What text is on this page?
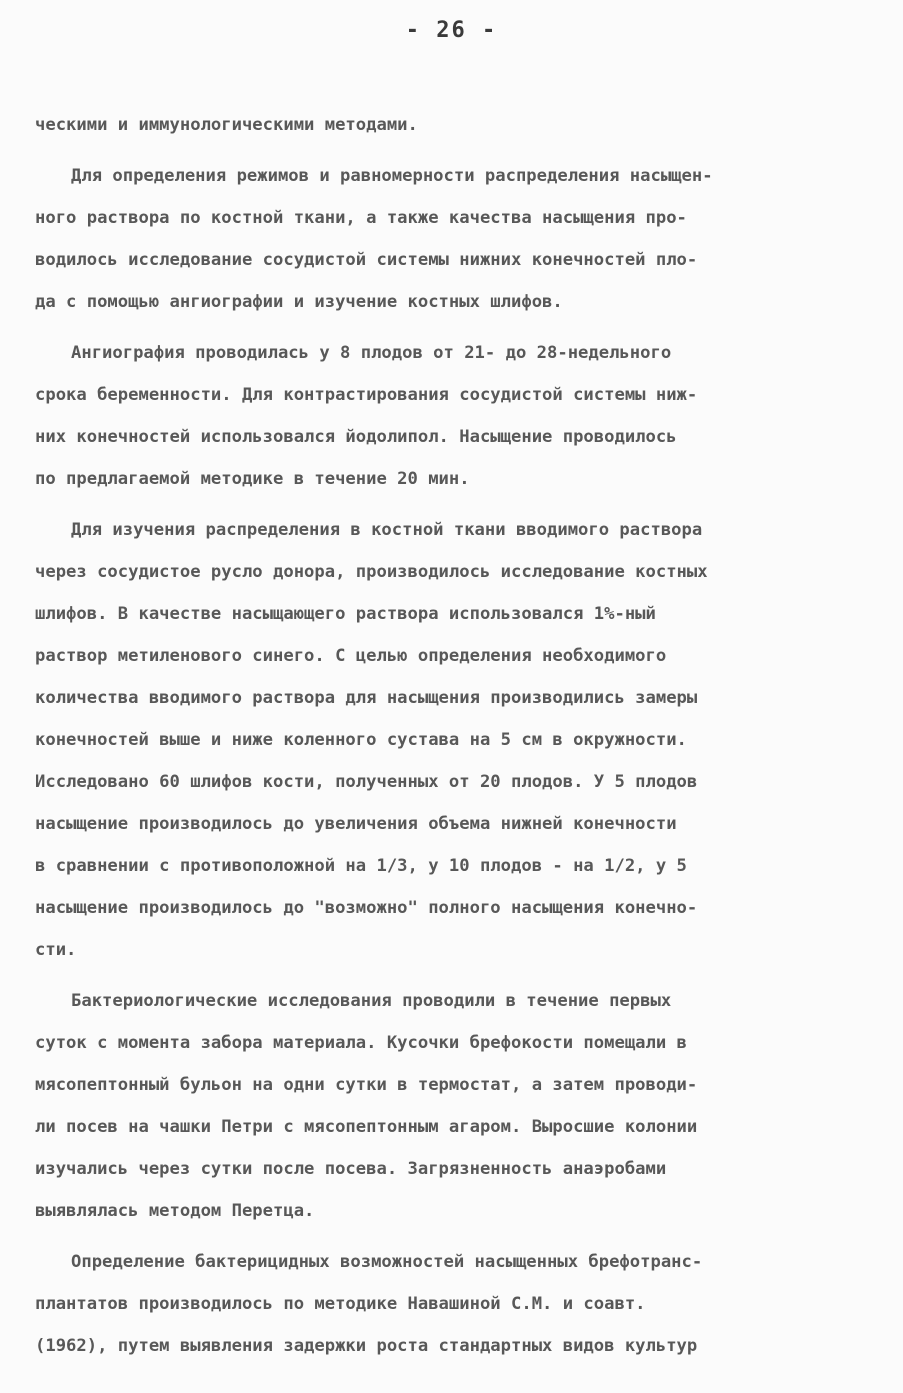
- 26 -
ческими и иммунологическими методами.
Для определения режимов и равномерности распределения насыщен-
ного раствора по костной ткани, а также качества насыщения про-
водилось исследование сосудистой системы нижних конечностей пло-
да с помощью ангиографии и изучение костных шлифов.
Ангиография проводилась у 8 плодов от 21- до 28-недельного
срока беременности. Для контрастирования сосудистой системы ниж-
них конечностей использовался йодолипол. Насыщение проводилось
по предлагаемой методике в течение 20 мин.
Для изучения распределения в костной ткани вводимого раствора
через сосудистое русло донора, производилось исследование костных
шлифов. В качестве насыщающего раствора использовался 1%-ный
раствор метиленового синего. С целью определения необходимого
количества вводимого раствора для насыщения производились замеры
конечностей выше и ниже коленного сустава на 5 см в окружности.
Исследовано 60 шлифов кости, полученных от 20 плодов. У 5 плодов
насыщение производилось до увеличения объема нижней конечности
в сравнении с противоположной на 1/3, у 10 плодов - на 1/2, у 5
насыщение производилось до "возможно" полного насыщения конечно-
сти.
Бактериологические исследования проводили в течение первых
суток с момента забора материала. Кусочки брефокости помещали в
мясопептонный бульон на одни сутки в термостат, а затем проводи-
ли посев на чашки Петри с мясопептонным агаром. Выросшие колонии
изучались через сутки после посева. Загрязненность анаэробами
выявлялась методом Перетца.
Определение бактерицидных возможностей насыщенных брефотранс-
плантатов производилось по методике Навашиной С.М. и соавт.
(1962), путем выявления задержки роста стандартных видов культур
